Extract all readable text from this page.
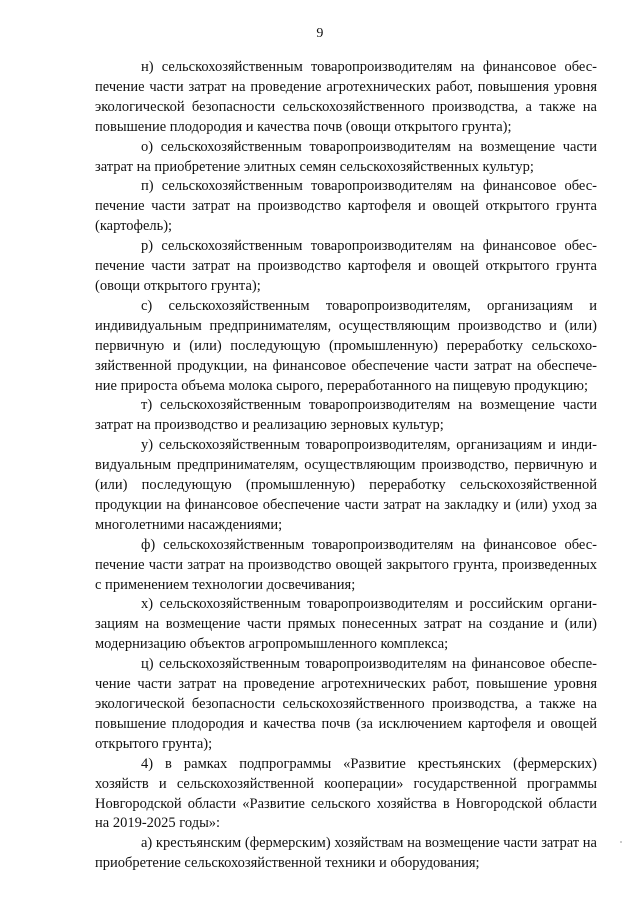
9

н) сельскохозяйственным товаропроизводителям на финансовое обеспечение части затрат на проведение агротехнических работ, повышения уровня экологической безопасности сельскохозяйственного производства, а также на повышение плодородия и качества почв (овощи открытого грунта);

о) сельскохозяйственным товаропроизводителям на возмещение части затрат на приобретение элитных семян сельскохозяйственных культур;

п) сельскохозяйственным товаропроизводителям на финансовое обеспечение части затрат на производство картофеля и овощей открытого грунта (картофель);

р) сельскохозяйственным товаропроизводителям на финансовое обеспечение части затрат на производство картофеля и овощей открытого грунта (овощи открытого грунта);

с) сельскохозяйственным товаропроизводителям, организациям и индивидуальным предпринимателям, осуществляющим производство и (или) первичную и (или) последующую (промышленную) переработку сельскохозяйственной продукции, на финансовое обеспечение части затрат на обеспечение прироста объема молока сырого, переработанного на пищевую продукцию;

т) сельскохозяйственным товаропроизводителям на возмещение части затрат на производство и реализацию зерновых культур;

у) сельскохозяйственным товаропроизводителям, организациям и индивидуальным предпринимателям, осуществляющим производство, первичную и (или) последующую (промышленную) переработку сельскохозяйственной продукции на финансовое обеспечение части затрат на закладку и (или) уход за многолетними насаждениями;

ф) сельскохозяйственным товаропроизводителям на финансовое обеспечение части затрат на производство овощей закрытого грунта, произведенных с применением технологии досвечивания;

х) сельскохозяйственным товаропроизводителям и российским организациям на возмещение части прямых понесенных затрат на создание и (или) модернизацию объектов агропромышленного комплекса;

ц) сельскохозяйственным товаропроизводителям на финансовое обеспечение части затрат на проведение агротехнических работ, повышение уровня экологической безопасности сельскохозяйственного производства, а также на повышение плодородия и качества почв (за исключением картофеля и овощей открытого грунта);

4) в рамках подпрограммы «Развитие крестьянских (фермерских) хозяйств и сельскохозяйственной кооперации» государственной программы Новгородской области «Развитие сельского хозяйства в Новгородской области на 2019-2025 годы»:

а) крестьянским (фермерским) хозяйствам на возмещение части затрат на приобретение сельскохозяйственной техники и оборудования;
